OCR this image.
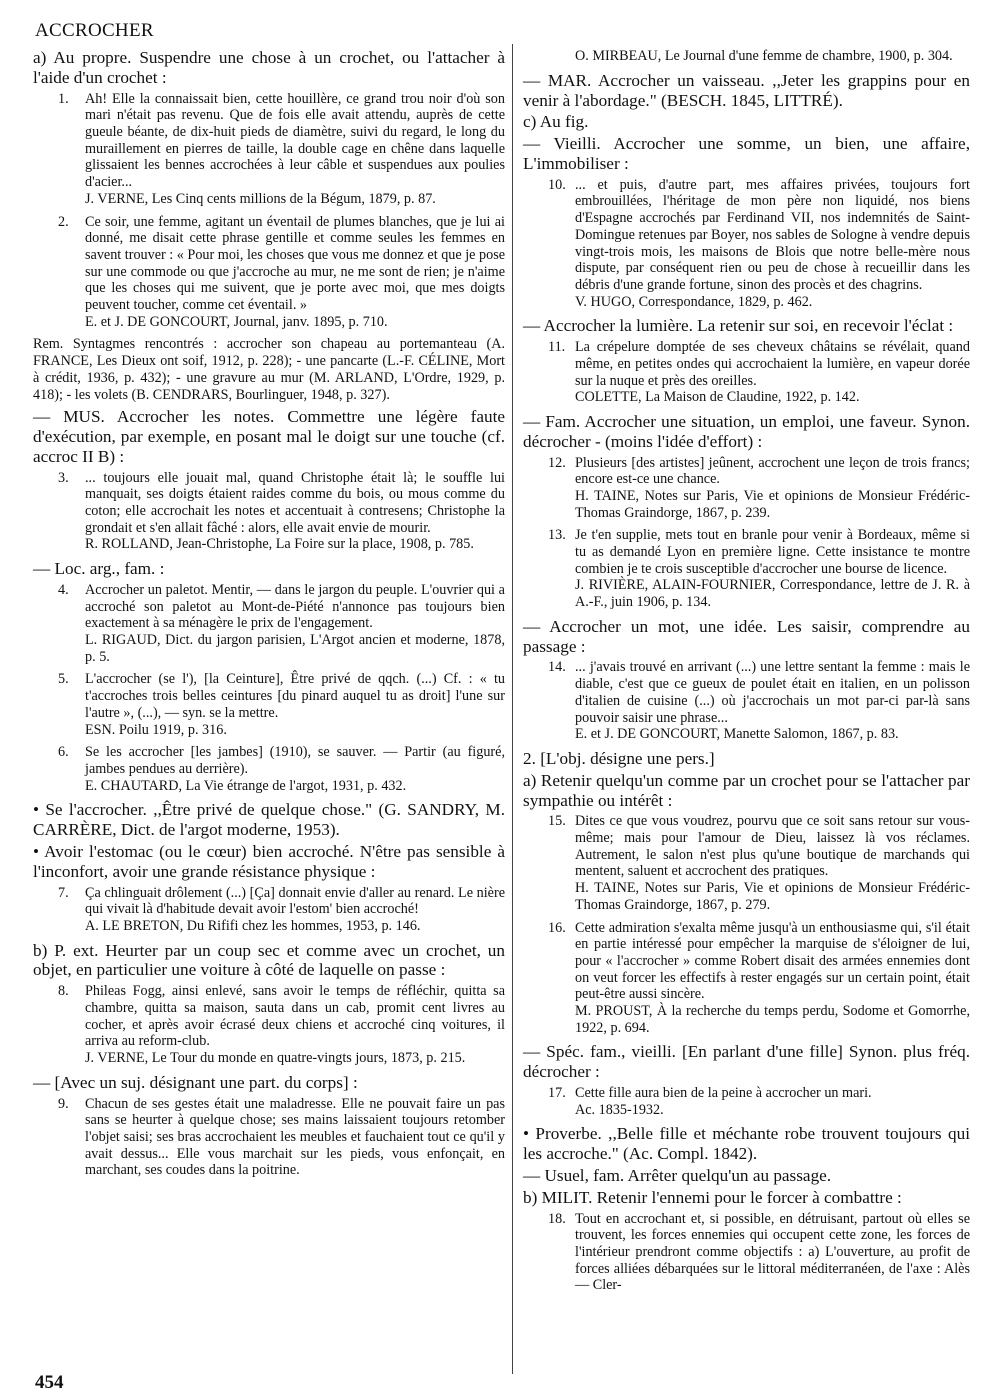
ACCROCHER
a) Au propre. Suspendre une chose à un crochet, ou l'attacher à l'aide d'un crochet :
1. Ah! Elle la connaissait bien, cette houillère, ce grand trou noir d'où son mari n'était pas revenu. Que de fois elle avait attendu, auprès de cette gueule béante, de dix-huit pieds de diamètre, suivi du regard, le long du muraillement en pierres de taille, la double cage en chêne dans laquelle glissaient les bennes accrochées à leur câble et suspendues aux poulies d'acier...
J. VERNE, Les Cinq cents millions de la Bégum, 1879, p. 87.
2. Ce soir, une femme, agitant un éventail de plumes blanches, que je lui ai donné, me disait cette phrase gentille et comme seules les femmes en savent trouver : « Pour moi, les choses que vous me donnez et que je pose sur une commode ou que j'accroche au mur, ne me sont de rien; je n'aime que les choses qui me suivent, que je porte avec moi, que mes doigts peuvent toucher, comme cet éventail. »
E. et J. DE GONCOURT, Journal, janv. 1895, p. 710.
Rem. Syntagmes rencontrés : accrocher son chapeau au portemanteau (A. FRANCE, Les Dieux ont soif, 1912, p. 228); - une pancarte (L.-F. CÉLINE, Mort à crédit, 1936, p. 432); - une gravure au mur (M. ARLAND, L'Ordre, 1929, p. 418); - les volets (B. CENDRARS, Bourlinguer, 1948, p. 327).
— MUS. Accrocher les notes. Commettre une légère faute d'exécution, par exemple, en posant mal le doigt sur une touche (cf. accroc II B) :
3. ... toujours elle jouait mal, quand Christophe était là; le souffle lui manquait, ses doigts étaient raides comme du bois, ou mous comme du coton; elle accrochait les notes et accentuait à contresens; Christophe la grondait et s'en allait fâché : alors, elle avait envie de mourir.
R. ROLLAND, Jean-Christophe, La Foire sur la place, 1908, p. 785.
— Loc. arg., fam. :
4. Accrocher un paletot. Mentir, — dans le jargon du peuple. L'ouvrier qui a accroché son paletot au Mont-de-Piété n'annonce pas toujours bien exactement à sa ménagère le prix de l'engagement.
L. RIGAUD, Dict. du jargon parisien, L'Argot ancien et moderne, 1878, p. 5.
5. L'accrocher (se l'), [la Ceinture], Être privé de qqch. (...) Cf. : « tu t'accroches trois belles ceintures [du pinard auquel tu as droit] l'une sur l'autre », (...), — syn. se la mettre.
ESN. Poilu 1919, p. 316.
6. Se les accrocher [les jambes] (1910), se sauver. — Partir (au figuré, jambes pendues au derrière).
E. CHAUTARD, La Vie étrange de l'argot, 1931, p. 432.
• Se l'accrocher. ,,Être privé de quelque chose." (G. SANDRY, M. CARRÈRE, Dict. de l'argot moderne, 1953).
• Avoir l'estomac (ou le cœur) bien accroché. N'être pas sensible à l'inconfort, avoir une grande résistance physique :
7. Ça chlinguait drôlement (...) [Ça] donnait envie d'aller au renard. Le nière qui vivait là d'habitude devait avoir l'estom' bien accroché!
A. LE BRETON, Du Rififi chez les hommes, 1953, p. 146.
b) P. ext. Heurter par un coup sec et comme avec un crochet, un objet, en particulier une voiture à côté de laquelle on passe :
8. Phileas Fogg, ainsi enlevé, sans avoir le temps de réfléchir, quitta sa chambre, quitta sa maison, sauta dans un cab, promit cent livres au cocher, et après avoir écrasé deux chiens et accroché cinq voitures, il arriva au reform-club.
J. VERNE, Le Tour du monde en quatre-vingts jours, 1873, p. 215.
— [Avec un suj. désignant une part. du corps] :
9. Chacun de ses gestes était une maladresse. Elle ne pouvait faire un pas sans se heurter à quelque chose; ses mains laissaient toujours retomber l'objet saisi; ses bras accrochaient les meubles et fauchaient tout ce qu'il y avait dessus... Elle vous marchait sur les pieds, vous enfonçait, en marchant, ses coudes dans la poitrine.
O. MIRBEAU, Le Journal d'une femme de chambre, 1900, p. 304.
— MAR. Accrocher un vaisseau. ,,Jeter les grappins pour en venir à l'abordage." (BESCH. 1845, LITTRÉ).
c) Au fig.
— Vieilli. Accrocher une somme, un bien, une affaire, L'immobiliser :
10. ... et puis, d'autre part, mes affaires privées, toujours fort embrouillées, l'héritage de mon père non liquidé, nos biens d'Espagne accrochés par Ferdinand VII, nos indemnités de Saint-Domingue retenues par Boyer, nos sables de Sologne à vendre depuis vingt-trois mois, les maisons de Blois que notre belle-mère nous dispute, par conséquent rien ou peu de chose à recueillir dans les débris d'une grande fortune, sinon des procès et des chagrins.
V. HUGO, Correspondance, 1829, p. 462.
— Accrocher la lumière. La retenir sur soi, en recevoir l'éclat :
11. La crépelure domptée de ses cheveux châtains se révélait, quand même, en petites ondes qui accrochaient la lumière, en vapeur dorée sur la nuque et près des oreilles.
COLETTE, La Maison de Claudine, 1922, p. 142.
— Fam. Accrocher une situation, un emploi, une faveur. Synon. décrocher - (moins l'idée d'effort) :
12. Plusieurs [des artistes] jeûnent, accrochent une leçon de trois francs; encore est-ce une chance.
H. TAINE, Notes sur Paris, Vie et opinions de Monsieur Frédéric-Thomas Graindorge, 1867, p. 239.
13. Je t'en supplie, mets tout en branle pour venir à Bordeaux, même si tu as demandé Lyon en première ligne. Cette insistance te montre combien je te crois susceptible d'accrocher une bourse de licence.
J. RIVIÈRE, ALAIN-FOURNIER, Correspondance, lettre de J. R. à A.-F., juin 1906, p. 134.
— Accrocher un mot, une idée. Les saisir, comprendre au passage :
14. ... j'avais trouvé en arrivant (...) une lettre sentant la femme : mais le diable, c'est que ce gueux de poulet était en italien, en un polisson d'italien de cuisine (...) où j'accrochais un mot par-ci par-là sans pouvoir saisir une phrase...
E. et J. DE GONCOURT, Manette Salomon, 1867, p. 83.
2. [L'obj. désigne une pers.]
a) Retenir quelqu'un comme par un crochet pour se l'attacher par sympathie ou intérêt :
15. Dites ce que vous voudrez, pourvu que ce soit sans retour sur vous-même; mais pour l'amour de Dieu, laissez là vos réclames. Autrement, le salon n'est plus qu'une boutique de marchands qui mentent, saluent et accrochent des pratiques.
H. TAINE, Notes sur Paris, Vie et opinions de Monsieur Frédéric-Thomas Graindorge, 1867, p. 279.
16. Cette admiration s'exalta même jusqu'à un enthousiasme qui, s'il était en partie intéressé pour empêcher la marquise de s'éloigner de lui, pour « l'accrocher » comme Robert disait des armées ennemies dont on veut forcer les effectifs à rester engagés sur un certain point, était peut-être aussi sincère.
M. PROUST, À la recherche du temps perdu, Sodome et Gomorrhe, 1922, p. 694.
— Spéc. fam., vieilli. [En parlant d'une fille] Synon. plus fréq. décrocher :
17. Cette fille aura bien de la peine à accrocher un mari.
Ac. 1835-1932.
• Proverbe. ,,Belle fille et méchante robe trouvent toujours qui les accroche." (Ac. Compl. 1842).
— Usuel, fam. Arrêter quelqu'un au passage.
b) MILIT. Retenir l'ennemi pour le forcer à combattre :
18. Tout en accrochant et, si possible, en détruisant, partout où elles se trouvent, les forces ennemies qui occupent cette zone, les forces de l'intérieur prendront comme objectifs : a) L'ouverture, au profit de forces alliées débarquées sur le littoral méditerranéen, de l'axe : Alès — Cler-
454
